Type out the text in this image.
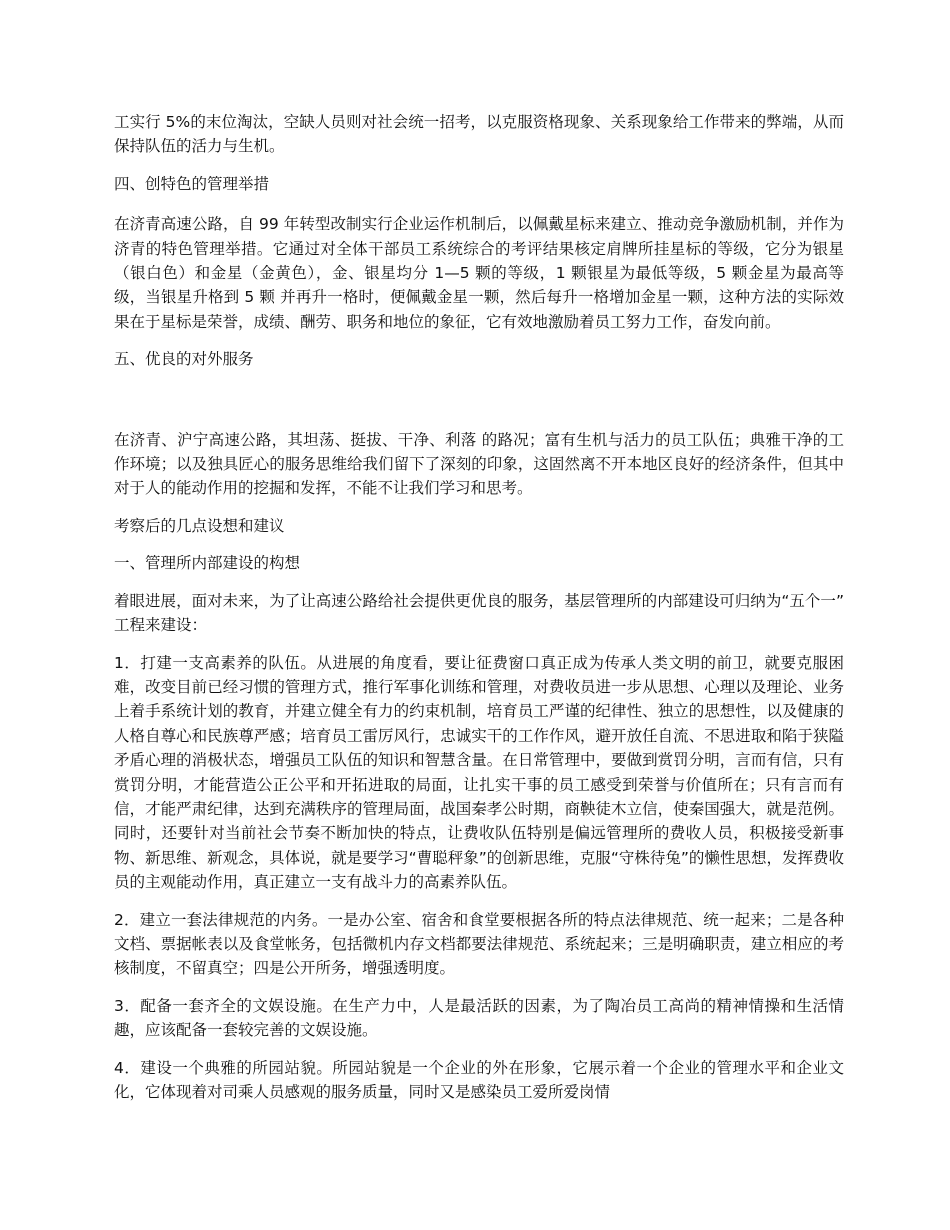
工实行 5%的末位淘汰，空缺人员则对社会统一招考，以克服资格现象、关系现象给工作带来的弊端，从而保持队伍的活力与生机。

四、创特色的管理举措

在济青高速公路，自 99 年转型改制实行企业运作机制后，以佩戴星标来建立、推动竞争激励机制，并作为济青的特色管理举措。它通过对全体干部员工系统综合的考评结果核定肩牌所挂星标的等级，它分为银星（银白色）和金星（金黄色），金、银星均分 1—5 颗的等级，1 颗银星为最低等级，5 颗金星为最高等级，当银星升格到 5 颗 并再升一格时，便佩戴金星一颗，然后每升一格增加金星一颗，这种方法的实际效果在于星标是荣誉，成绩、酬劳、职务和地位的象征，它有效地激励着员工努力工作，奋发向前。

五、优良的对外服务

在济青、沪宁高速公路，其坦荡、挺拔、干净、利落 的路况；富有生机与活力的员工队伍；典雅干净的工作环境；以及独具匠心的服务思维给我们留下了深刻的印象，这固然离不开本地区良好的经济条件，但其中对于人的能动作用的挖掘和发挥，不能不让我们学习和思考。

考察后的几点设想和建议

一、管理所内部建设的构想

着眼进展，面对未来，为了让高速公路给社会提供更优良的服务，基层管理所的内部建设可归纳为“五个一” 工程来建设：

1．打建一支高素养的队伍。从进展的角度看，要让征费窗口真正成为传承人类文明的前卫，就要克服困难，改变目前已经习惯的管理方式，推行军事化训练和管理，对费收员进一步从思想、心理以及理论、业务上着手系统计划的教育，并建立健全有力的约束机制，培育员工严谨的纪律性、独立的思想性，以及健康的人格自尊心和民族尊严感；培育员工雷厉风行，忠诚实干的工作作风，避开放任自流、不思进取和陷于狭隘矛盾心理的消极状态，增强员工队伍的知识和智慧含量。在日常管理中，要做到赏罚分明，言而有信，只有赏罚分明，才能营造公正公平和开拓进取的局面，让扎实干事的员工感受到荣誉与价值所在；只有言而有信，才能严肃纪律，达到充满秩序的管理局面，战国秦孝公时期，商鞅徒木立信，使秦国强大，就是范例。同时，还要针对当前社会节奏不断加快的特点，让费收队伍特别是偏远管理所的费收人员，积极接受新事物、新思维、新观念，具体说，就是要学习“曹聪秤象”的创新思维，克服“守株待兔”的懒性思想，发挥费收员的主观能动作用，真正建立一支有战斗力的高素养队伍。

2．建立一套法律规范的内务。一是办公室、宿舍和食堂要根据各所的特点法律规范、统一起来；二是各种文档、票据帐表以及食堂帐务，包括微机内存文档都要法律规范、系统起来；三是明确职责，建立相应的考核制度，不留真空；四是公开所务，增强透明度。

3．配备一套齐全的文娱设施。在生产力中，人是最活跃的因素，为了陶冶员工高尚的精神情操和生活情趣，应该配备一套较完善的文娱设施。

4．建设一个典雅的所园站貌。所园站貌是一个企业的外在形象，它展示着一个企业的管理水平和企业文化，它体现着对司乘人员感观的服务质量，同时又是感染员工爱所爱岗情
